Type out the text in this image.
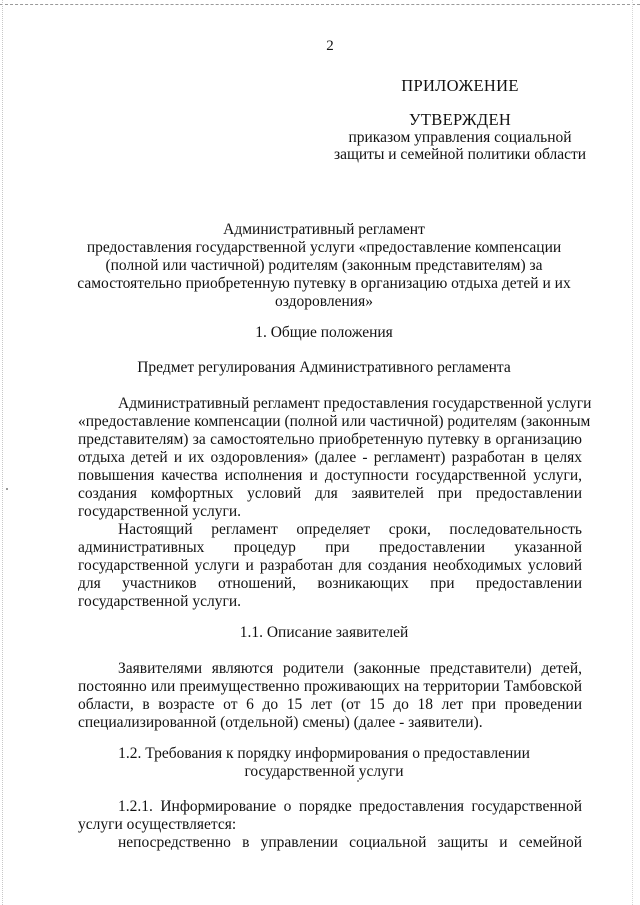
2
ПРИЛОЖЕНИЕ
УТВЕРЖДЕН
приказом управления социальной
защиты и семейной политики области
Административный регламент
предоставления государственной услуги «предоставление компенсации
(полной или частичной) родителям (законным представителям) за
самостоятельно приобретенную путевку в организацию отдыха детей и их
оздоровления»
1. Общие положения
Предмет регулирования Административного регламента
Административный регламент предоставления государственной услуги
«предоставление компенсации (полной или частичной) родителям (законным
представителям) за самостоятельно приобретенную путевку в организацию
отдыха детей и их оздоровления» (далее - регламент) разработан в целях
повышения качества исполнения и доступности государственной услуги,
создания комфортных условий для заявителей при предоставлении
государственной услуги.
Настоящий регламент определяет сроки, последовательность
административных процедур при предоставлении указанной
государственной услуги и разработан для создания необходимых условий
для участников отношений, возникающих при предоставлении
государственной услуги.
1.1. Описание заявителей
Заявителями являются родители (законные представители) детей,
постоянно или преимущественно проживающих на территории Тамбовской
области, в возрасте от 6 до 15 лет (от 15 до 18 лет при проведении
специализированной (отдельной) смены) (далее - заявители).
1.2. Требования к порядку информирования о предоставлении
государственной услуги
1.2.1. Информирование о порядке предоставления государственной
услуги осуществляется:
непосредственно в управлении социальной защиты и семейной
